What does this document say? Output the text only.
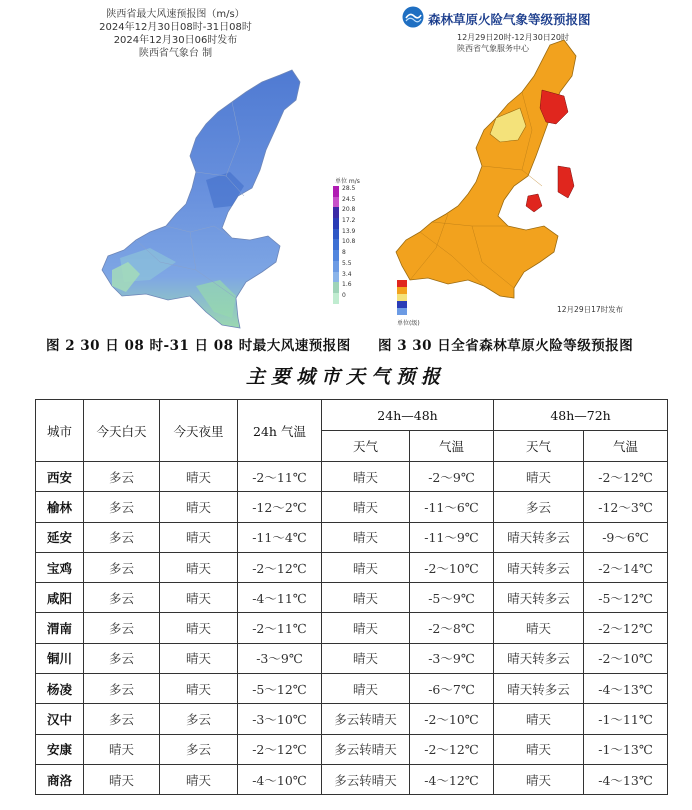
陕西省最大风速预报图（m/s）
2024年12月30日08时-31日08时
2024年12月30日06时发布
陕西省气象台 制
单位 m/s
28.5
24.5
20.8
17.2
13.9
10.8
8
5.5
3.4
1.6
0
森林草原火险气象等级预报图
12月29日20时-12月30日20时
陕西省气象服务中心
单位(级)
12月29日17时发布
图 2 30 日 08 时-31 日 08 时最大风速预报图 图 3 30 日全省森林草原火险等级预报图
主要城市天气预报
城市	今天白天	今天夜里	24h 气温	24h—48h		48h—72h	
				天气	气温	天气	气温
西安	多云	晴天	-2～11℃	晴天	-2～9℃	晴天	-2～12℃
榆林	多云	晴天	-12～2℃	晴天	-11～6℃	多云	-12～3℃
延安	多云	晴天	-11～4℃	晴天	-11～9℃	晴天转多云	-9～6℃
宝鸡	多云	晴天	-2～12℃	晴天	-2～10℃	晴天转多云	-2～14℃
咸阳	多云	晴天	-4～11℃	晴天	-5～9℃	晴天转多云	-5～12℃
渭南	多云	晴天	-2～11℃	晴天	-2～8℃	晴天	-2～12℃
铜川	多云	晴天	-3～9℃	晴天	-3～9℃	晴天转多云	-2～10℃
杨凌	多云	晴天	-5～12℃	晴天	-6～7℃	晴天转多云	-4～13℃
汉中	多云	多云	-3～10℃	多云转晴天	-2～10℃	晴天	-1～11℃
安康	晴天	多云	-2～12℃	多云转晴天	-2～12℃	晴天	-1～13℃
商洛	晴天	晴天	-4～10℃	多云转晴天	-4～12℃	晴天	-4～13℃
